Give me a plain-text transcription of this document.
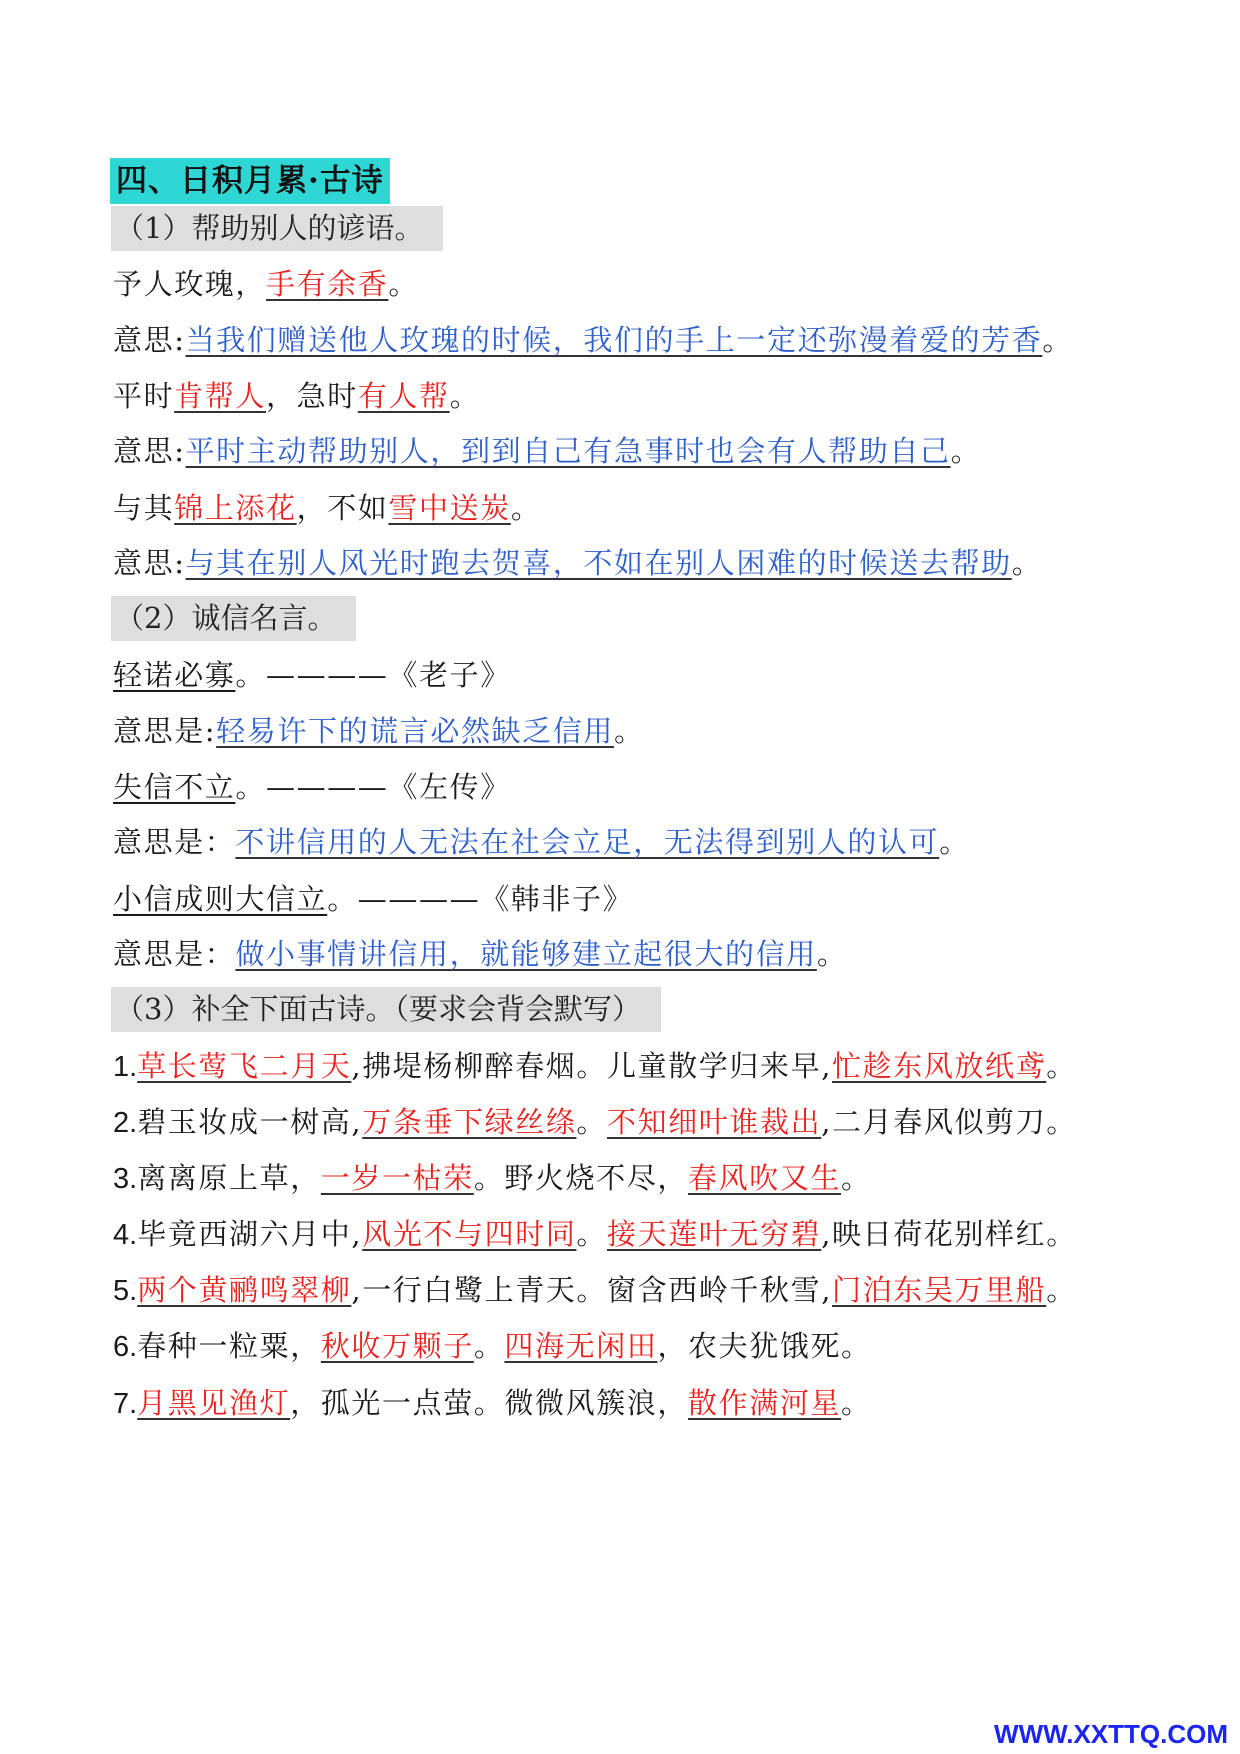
四、日积月累·古诗
（1）帮助别人的谚语。
予人玫瑰，手有余香。
意思:当我们赠送他人玫瑰的时候，我们的手上一定还弥漫着爱的芳香。
平时肯帮人，急时有人帮。
意思:平时主动帮助别人，到到自己有急事时也会有人帮助自己。
与其锦上添花，不如雪中送炭。
意思:与其在别人风光时跑去贺喜，不如在别人困难的时候送去帮助。
（2）诚信名言。
轻诺必寡。————《老子》
意思是:轻易许下的谎言必然缺乏信用。
失信不立。————《左传》
意思是：不讲信用的人无法在社会立足，无法得到别人的认可。
小信成则大信立。————《韩非子》
意思是：做小事情讲信用，就能够建立起很大的信用。
（3）补全下面古诗。（要求会背会默写）
1.草长莺飞二月天,拂堤杨柳醉春烟。儿童散学归来早,忙趁东风放纸鸢。
2.碧玉妆成一树高,万条垂下绿丝绦。不知细叶谁裁出,二月春风似剪刀。
3.离离原上草，一岁一枯荣。野火烧不尽，春风吹又生。
4.毕竟西湖六月中,风光不与四时同。接天莲叶无穷碧,映日荷花别样红。
5.两个黄鹂鸣翠柳,一行白鹭上青天。窗含西岭千秋雪,门泊东吴万里船。
6.春种一粒粟，秋收万颗子。四海无闲田，农夫犹饿死。
7.月黑见渔灯，孤光一点萤。微微风簇浪，散作满河星。
WWW.XXTTQ.COM
